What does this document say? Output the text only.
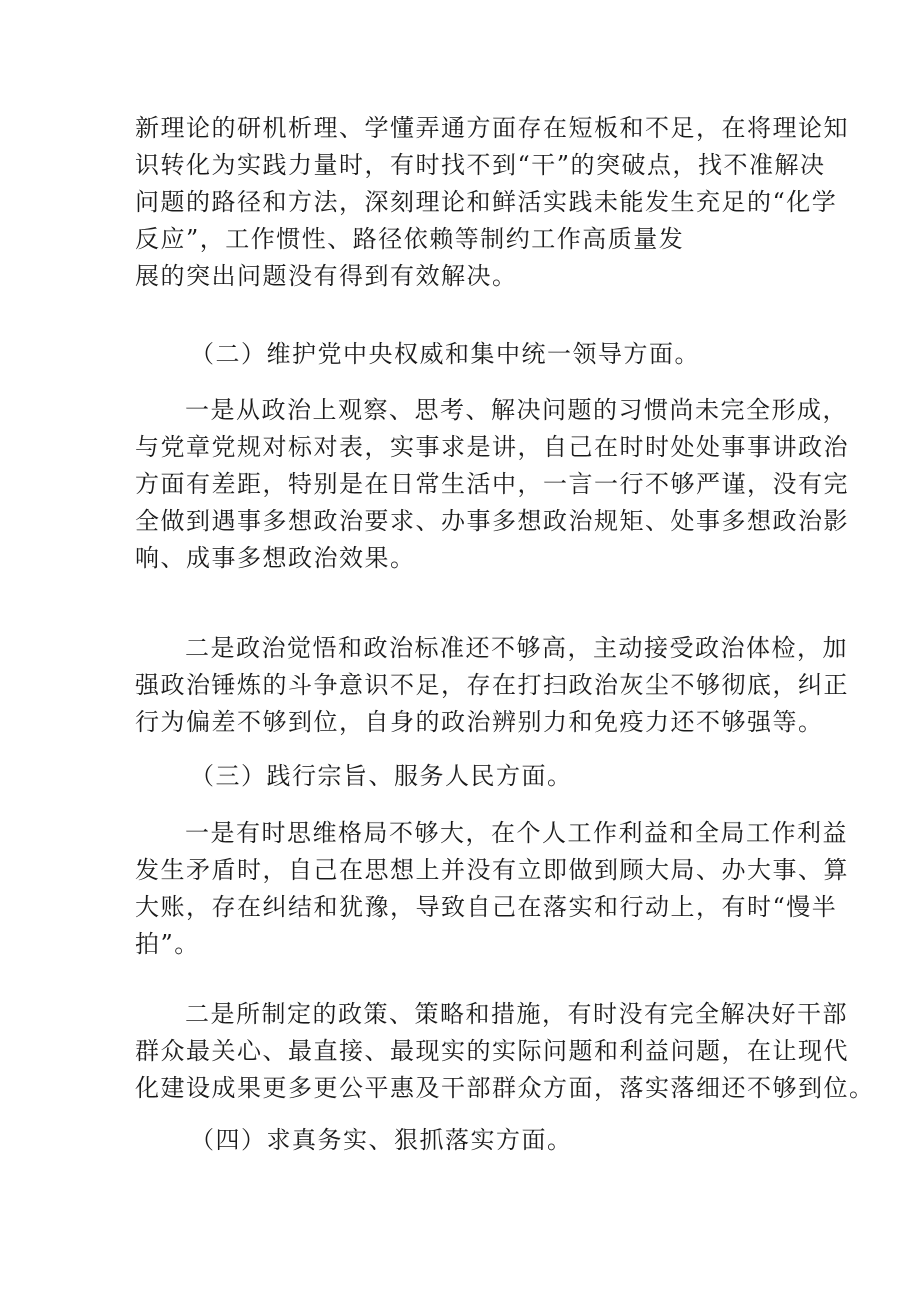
新理论的研机析理、学懂弄通方面存在短板和不足，在将理论知
识转化为实践力量时，有时找不到“干”的突破点，找不准解决
问题的路径和方法，深刻理论和鲜活实践未能发生充足的“化学
反应”，工作惯性、路径依赖等制约工作高质量发
展的突出问题没有得到有效解决。

（二）维护党中央权威和集中统一领导方面。

一是从政治上观察、思考、解决问题的习惯尚未完全形成，
与党章党规对标对表，实事求是讲，自己在时时处处事事讲政治
方面有差距，特别是在日常生活中，一言一行不够严谨，没有完
全做到遇事多想政治要求、办事多想政治规矩、处事多想政治影
响、成事多想政治效果。

二是政治觉悟和政治标准还不够高，主动接受政治体检，加
强政治锤炼的斗争意识不足，存在打扫政治灰尘不够彻底，纠正
行为偏差不够到位，自身的政治辨别力和免疫力还不够强等。

（三）践行宗旨、服务人民方面。

一是有时思维格局不够大，在个人工作利益和全局工作利益
发生矛盾时，自己在思想上并没有立即做到顾大局、办大事、算
大账，存在纠结和犹豫，导致自己在落实和行动上，有时“慢半
拍”。

二是所制定的政策、策略和措施，有时没有完全解决好干部
群众最关心、最直接、最现实的实际问题和利益问题，在让现代
化建设成果更多更公平惠及干部群众方面，落实落细还不够到位。

（四）求真务实、狠抓落实方面。
